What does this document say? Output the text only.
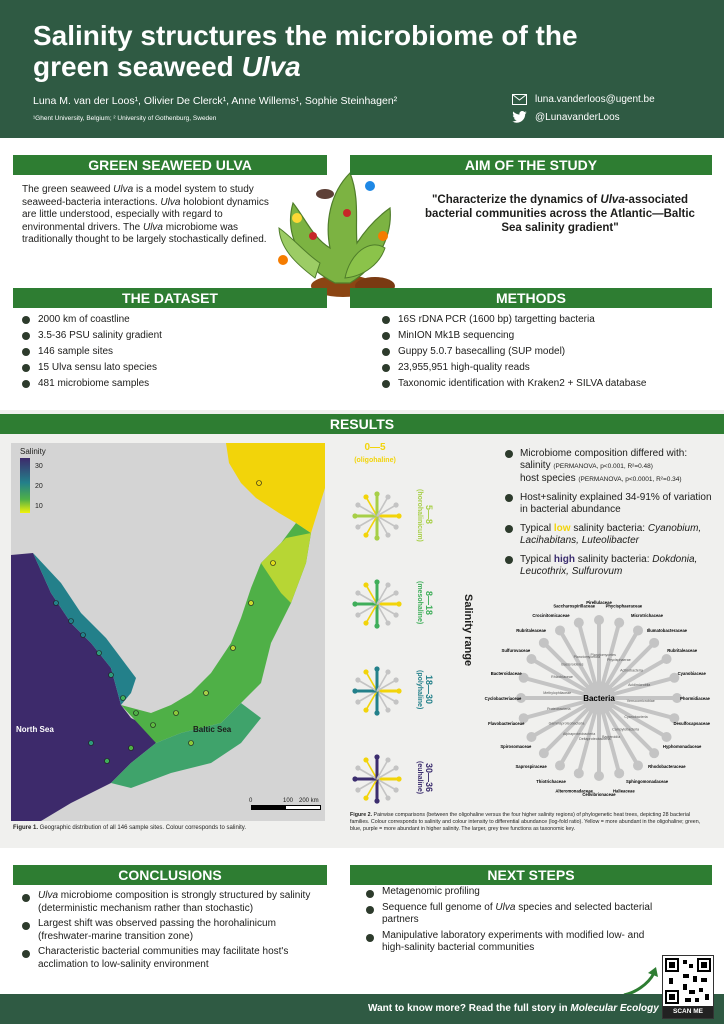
Salinity structures the microbiome of the
green seaweed Ulva
Luna M. van der Loos¹, Olivier De Clerck¹, Anne Willems¹, Sophie Steinhagen²
¹Ghent University, Belgium; ² University of Gothenburg, Sweden
luna.vanderloos@ugent.be
@LunavanderLoos
GREEN SEAWEED ULVA
The green seaweed Ulva is a model system to study seaweed-bacteria interactions. Ulva holobiont dynamics are little understood, especially with regard to environmental drivers. The Ulva microbiome was traditionally thought to be largely stochastically defined.
AIM OF THE STUDY
"Characterize the dynamics of Ulva-associated bacterial communities across the Atlantic—Baltic Sea salinity gradient"
THE DATASET
2000 km of coastline
3.5-36 PSU salinity gradient
146 sample sites
15 Ulva sensu lato species
481 microbiome samples
METHODS
16S rDNA PCR (1600 bp) targetting bacteria
MinION Mk1B sequencing
Guppy 5.0.7 basecalling (SUP model)
23,955,951 high-quality reads
Taxonomic identification with Kraken2 + SILVA database
RESULTS
Salinity
30
20
10
North Sea	Baltic Sea
0	100 200 km
Figure 1. Geographic distribution of all 146 sample sites. Colour corresponds to salinity.
0—5
(oligohaline)
5—8
(horohalinicum)
8—18
(mesohaline)
18—30
(polyhaline)
30—36
(euhaline)
Salinity range
Microbiome composition differed with:
salinity (PERMANOVA, p<0.001, R²=0.48)
host species (PERMANOVA, p<0.0001, R²=0.34)
Host+salinity explained 34-91% of variation in bacterial abundance
Typical low salinity bacteria: Cyanobium, Lacihabitans, Luteolibacter
Typical high salinity bacteria: Dokdonia, Leucothrix, Sulfurovum
Pirellulaceae
Phycisphaeraceae
Microtrichaceae
Illumatobacteraceae
Rubritaleaceae
Cyanobiaceae
Phormidiaceae
Desulfocapsaceae
Hyphomonadaceae
Rhodobacteraceae
Sphingomonadaceae
Halieaceae
Cellvibrionaceae
Alteromonadaceae
Thiotrichaceae
Saprospiraceae
Spirosomaceae
Flavobacteriaceae
Cyclobacteriaceae
Bacteroidaceae
Sulfurovaceae
Rubritaleaceae
Crocinitomicaceae
Saccharospirillaceae
Planctomycetes
Phycisphaerae
Actinobacteria
Acidimicrobiia
Verrucomicrobiae
Cyanobacteria
Campylobacteria
Bacteroidia
Deltaproteobacteria
Alphaproteobacteria
Gammaproteobacteria
Proteobacteria
Methylophilaceae
Rhizobiaceae
Bacteroidetes
Planctomycetota
Bacteria
Figure 2. Pairwise comparisons (between the oligohaline versus the four higher salinity regions) of phylogenetic heat trees, depicting 28 bacterial families. Colour corresponds to salinity and colour intensity to differential abundance (log-fold ratio). Yellow = more abundant in the oligohaline; green, blue, purple = more abundant in higher salinity. The larger, grey tree functions as taxonomic key.
CONCLUSIONS
Ulva microbiome composition is strongly structured by salinity (deterministic mechanism rather than stochastic)
Largest shift was observed passing the horohalinicum (freshwater-marine transition zone)
Characteristic bacterial communities may facilitate host's acclimation to low-salinity environment
NEXT STEPS
Metagenomic profiling
Sequence full genome of Ulva species and selected bacterial partners
Manipulative laboratory experiments with modified low- and high-salinity bacterial communities
Want to know more? Read the full story in Molecular Ecology	SCAN ME
